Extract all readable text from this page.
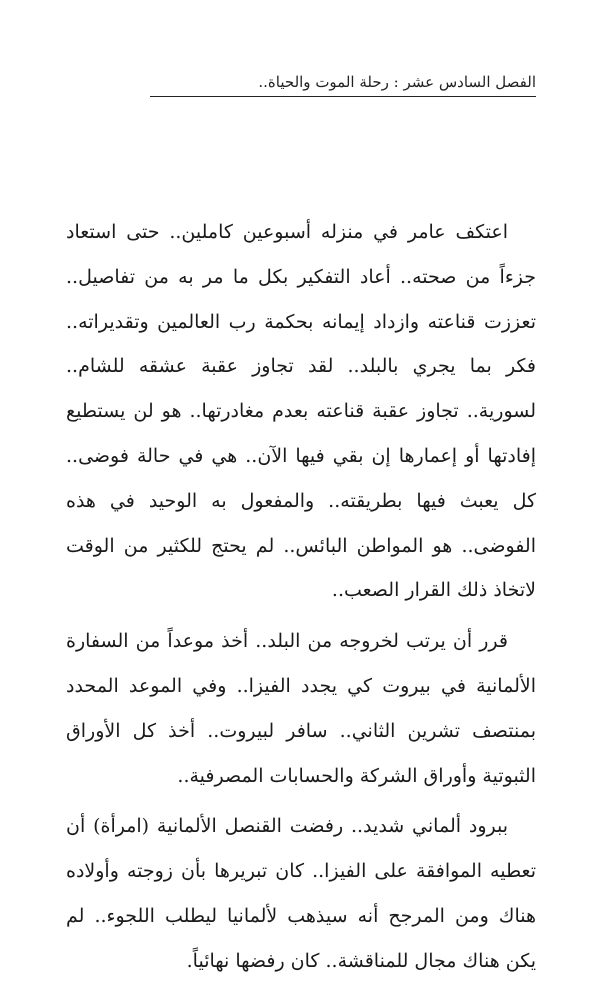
الفصل السادس عشر : رحلة الموت والحياة..

اعتكف عامر في منزله أسبوعين كاملين.. حتى استعاد جزءاً من صحته.. أعاد التفكير بكل ما مر به من تفاصيل.. تعززت قناعته وازداد إيمانه بحكمة رب العالمين وتقديراته.. فكر بما يجري بالبلد.. لقد تجاوز عقبة عشقه للشام.. لسورية.. تجاوز عقبة قناعته بعدم مغادرتها.. هو لن يستطيع إفادتها أو إعمارها إن بقي فيها الآن.. هي في حالة فوضى.. كل يعبث فيها بطريقته.. والمفعول به الوحيد في هذه الفوضى.. هو المواطن البائس.. لم يحتج للكثير من الوقت لاتخاذ ذلك القرار الصعب..

قرر أن يرتب لخروجه من البلد.. أخذ موعداً من السفارة الألمانية في بيروت كي يجدد الفيزا.. وفي الموعد المحدد بمنتصف تشرين الثاني.. سافر لبيروت.. أخذ كل الأوراق الثبوتية وأوراق الشركة والحسابات المصرفية..

ببرود ألماني شديد.. رفضت القنصل الألمانية (امرأة) أن تعطيه الموافقة على الفيزا.. كان تبريرها بأن زوجته وأولاده هناك ومن المرجح أنه سيذهب لألمانيا ليطلب اللجوء.. لم يكن هناك مجال للمناقشة.. كان رفضها نهائياً.
